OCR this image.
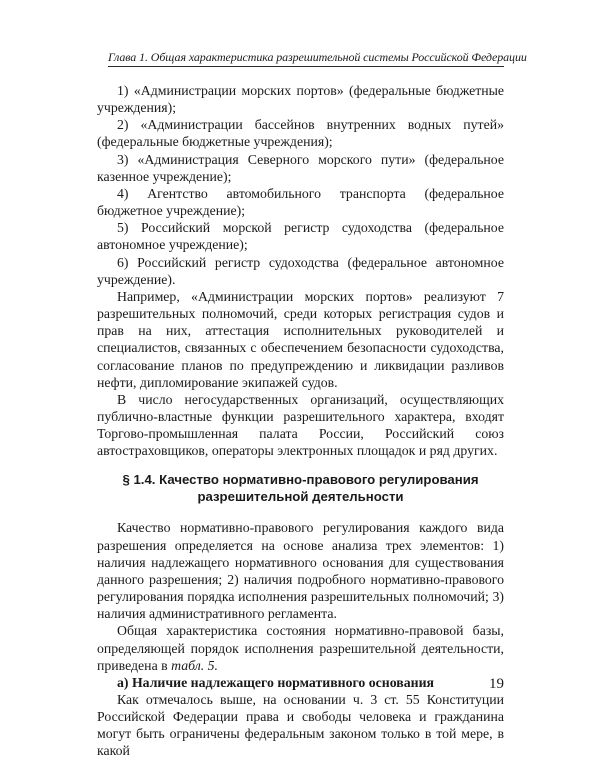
Глава 1. Общая характеристика разрешительной системы Российской Федерации

1) «Администрации морских портов» (федеральные бюджетные учреждения);

2) «Администрации бассейнов внутренних водных путей» (федеральные бюджетные учреждения);

3) «Администрация Северного морского пути» (федеральное казенное учреждение);

4) Агентство автомобильного транспорта (федеральное бюджетное учреждение);

5) Российский морской регистр судоходства (федеральное автономное учреждение);

6) Российский регистр судоходства (федеральное автономное учреждение).

Например, «Администрации морских портов» реализуют 7 разрешительных полномочий, среди которых регистрация судов и прав на них, аттестация исполнительных руководителей и специалистов, связанных с обеспечением безопасности судоходства, согласование планов по предупреждению и ликвидации разливов нефти, дипломирование экипажей судов.

В число негосударственных организаций, осуществляющих публично-властные функции разрешительного характера, входят Торгово-промышленная палата России, Российский союз автостраховщиков, операторы электронных площадок и ряд других.

§ 1.4. Качество нормативно-правового регулирования разрешительной деятельности

Качество нормативно-правового регулирования каждого вида разрешения определяется на основе анализа трех элементов: 1) наличия надлежащего нормативного основания для существования данного разрешения; 2) наличия подробного нормативно-правового регулирования порядка исполнения разрешительных полномочий; 3) наличия административного регламента.

Общая характеристика состояния нормативно-правовой базы, определяющей порядок исполнения разрешительной деятельности, приведена в табл. 5.

а) Наличие надлежащего нормативного основания

Как отмечалось выше, на основании ч. 3 ст. 55 Конституции Российской Федерации права и свободы человека и гражданина могут быть ограничены федеральным законом только в той мере, в какой

19
